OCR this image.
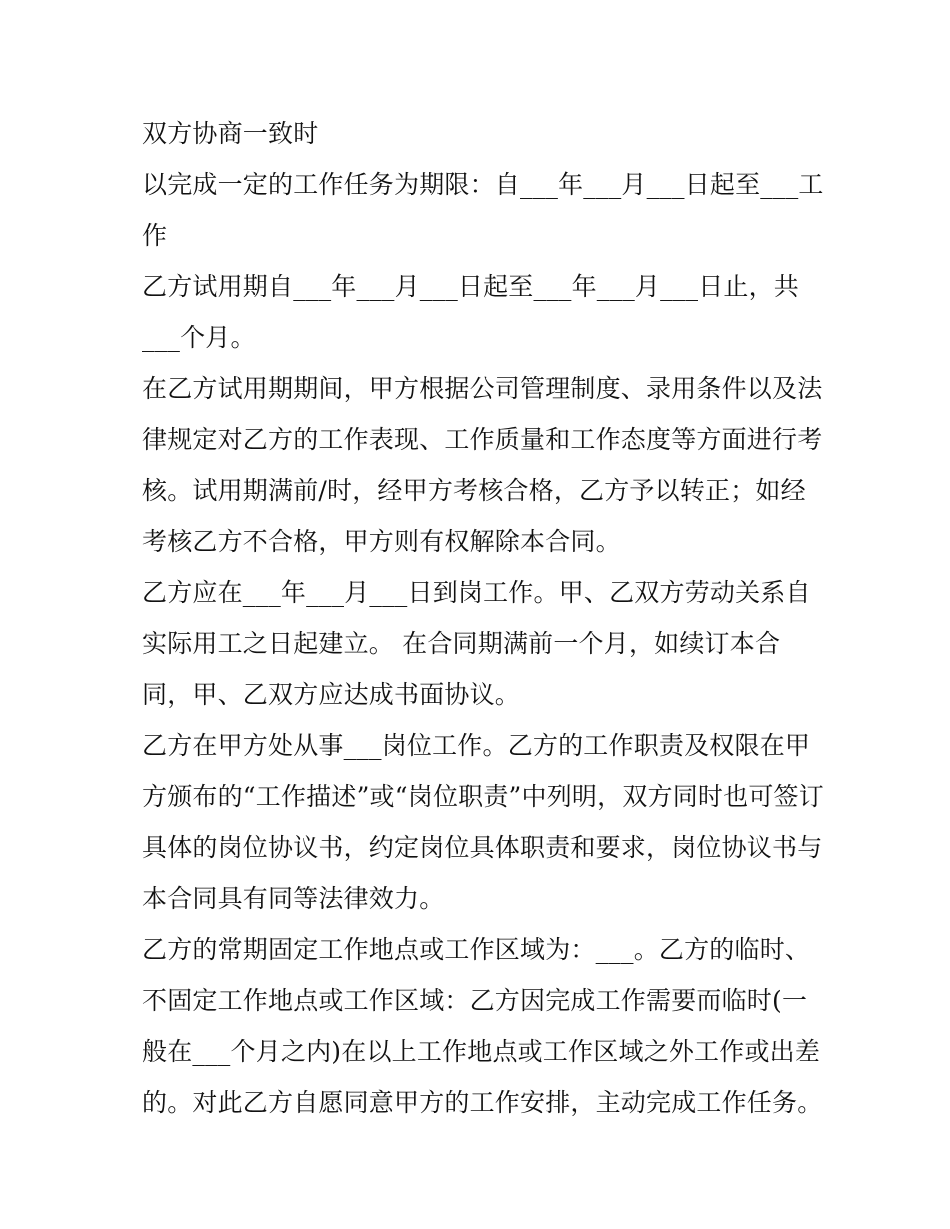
双方协商一致时
以完成一定的工作任务为期限：自___年___月___日起至___工
作
乙方试用期自___年___月___日起至___年___月___日止，共
___个月。
在乙方试用期期间，甲方根据公司管理制度、录用条件以及法
律规定对乙方的工作表现、工作质量和工作态度等方面进行考
核。试用期满前/时，经甲方考核合格，乙方予以转正；如经
考核乙方不合格，甲方则有权解除本合同。
乙方应在___年___月___日到岗工作。甲、乙双方劳动关系自
实际用工之日起建立。 在合同期满前一个月，如续订本合
同，甲、乙双方应达成书面协议。
乙方在甲方处从事___岗位工作。乙方的工作职责及权限在甲
方颁布的“工作描述”或“岗位职责”中列明，双方同时也可签订
具体的岗位协议书，约定岗位具体职责和要求，岗位协议书与
本合同具有同等法律效力。
乙方的常期固定工作地点或工作区域为：___。乙方的临时、
不固定工作地点或工作区域：乙方因完成工作需要而临时(一
般在___个月之内)在以上工作地点或工作区域之外工作或出差
的。对此乙方自愿同意甲方的工作安排，主动完成工作任务。
